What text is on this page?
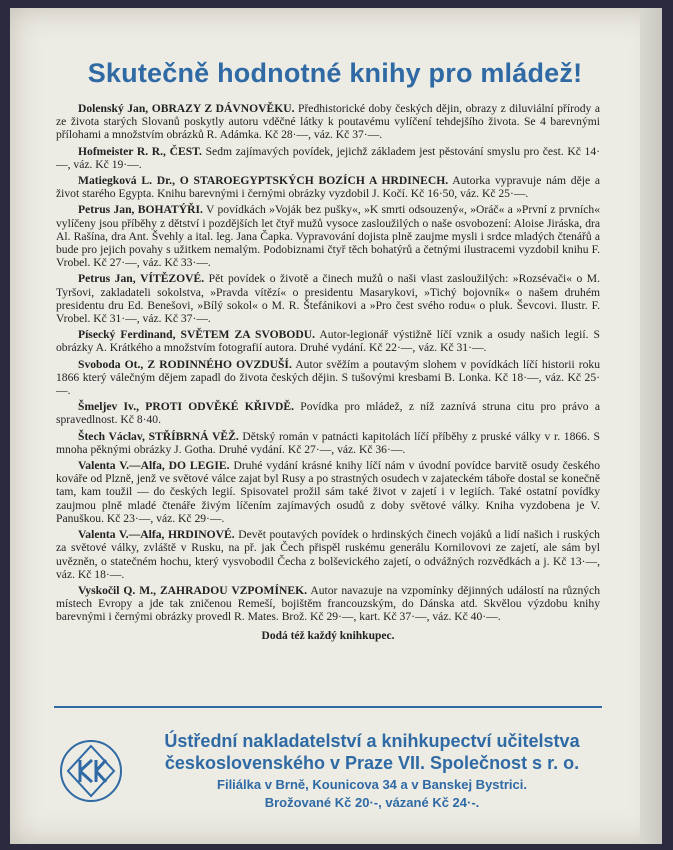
Skutečně hodnotné knihy pro mládež!

Dolenský Jan, OBRAZY Z DÁVNOVĚKU. Předhistorické doby českých dějin, obrazy z diluviální přírody a ze života starých Slovanů poskytly autoru vděčné látky k poutavému vylíčení tehdejšího života. Se 4 barevnými přílohami a množstvím obrázků R. Adámka. Kč 28·—, váz. Kč 37·—.

Hofmeister R. R., ČEST. Sedm zajímavých povídek, jejichž základem jest pěstování smyslu pro čest. Kč 14·—, váz. Kč 19·—.

Matiegková L. Dr., O STAROEGYPTSKÝCH BOZÍCH A HRDINECH. Autorka vypravuje nám děje a život starého Egypta. Knihu barevnými i černými obrázky vyzdobil J. Kočí. Kč 16·50, váz. Kč 25·—.

Petrus Jan, BOHATÝŘI. V povídkách »Voják bez pušky«, »K smrti odsouzený«, »Oráč« a »První z prvních« vylíčeny jsou příběhy z dětství i pozdějších let čtyř mužů vysoce zasloužilých o naše osvobození: Aloise Jiráska, dra Al. Rašína, dra Ant. Švehly a ital. leg. Jana Čapka. Vypravování dojista plně zaujme mysli i srdce mladých čtenářů a bude pro jejich povahy s užitkem nemalým. Podobiznami čtyř těch bohatýrů a četnými ilustracemi vyzdobil knihu F. Vrobel. Kč 27·—, váz. Kč 33·—.

Petrus Jan, VÍTĚZOVÉ. Pět povídek o životě a činech mužů o naši vlast zasloužilých: »Rozsévači« o M. Tyršovi, zakladateli sokolstva, »Pravda vítězí« o presidentu Masarykovi, »Tichý bojovník« o našem druhém presidentu dru Ed. Benešovi, »Bílý sokol« o M. R. Štefánikovi a »Pro čest svého rodu« o pluk. Ševcovi. Ilustr. F. Vrobel. Kč 31·—, váz. Kč 37·—.

Písecký Ferdinand, SVĚTEM ZA SVOBODU. Autor-legionář výstižně líčí vznik a osudy našich legií. S obrázky A. Krátkého a množstvím fotografií autora. Druhé vydání. Kč 22·—, váz. Kč 31·—.

Svoboda Ot., Z RODINNÉHO OVZDUŠÍ. Autor svěžím a poutavým slohem v povídkách líčí historii roku 1866 který válečným dějem zapadl do života českých dějin. S tušovými kresbami B. Lonka. Kč 18·—, váz. Kč 25·—.

Šmeljev Iv., PROTI ODVĚKÉ KŘIVDĚ. Povídka pro mládež, z níž zaznívá struna citu pro právo a spravedlnost. Kč 8·40.

Štech Václav, STŘÍBRNÁ VĚŽ. Dětský román v patnácti kapitolách líčí příběhy z pruské války v r. 1866. S mnoha pěknými obrázky J. Gotha. Druhé vydání. Kč 27·—, váz. Kč 36·—.

Valenta V.—Alfa, DO LEGIE. Druhé vydání krásné knihy líčí nám v úvodní povídce barvitě osudy českého kováře od Plzně, jenž ve světové válce zajat byl Rusy a po strastných osudech v zajateckém táboře dostal se konečně tam, kam toužil — do českých legií. Spisovatel prožil sám také život v zajetí i v legiích. Také ostatní povídky zaujmou plně mladé čtenáře živým líčením zajímavých osudů z doby světové války. Kniha vyzdobena je V. Panuškou. Kč 23·—, váz. Kč 29·—.

Valenta V.—Alfa, HRDINOVÉ. Devět poutavých povídek o hrdinských činech vojáků a lidí našich i ruských za světové války, zvláště v Rusku, na př. jak Čech přispěl ruskému generálu Kornilovovi ze zajetí, ale sám byl uvězněn, o statečném hochu, který vysvobodil Čecha z bolševického zajetí, o odvážných rozvědkách a j. Kč 13·—, váz. Kč 18·—.

Vyskočil Q. M., ZAHRADOU VZPOMÍNEK. Autor navazuje na vzpomínky dějinných událostí na různých místech Evropy a jde tak zničenou Remeší, bojištěm francouzským, do Dánska atd. Skvělou výzdobu knihy barevnými i černými obrázky provedl R. Mates. Brož. Kč 29·—, kart. Kč 37·—, váz. Kč 40·—.

Dodá též každý knihkupec.
Ústřední nakladatelství a knihkupectví učitelstva
československého v Praze VII. Společnost s r. o.
Filiálka v Brně, Kounicova 34 a v Banskej Bystrici.
Brožované Kč 20·-, vázané Kč 24·-.
